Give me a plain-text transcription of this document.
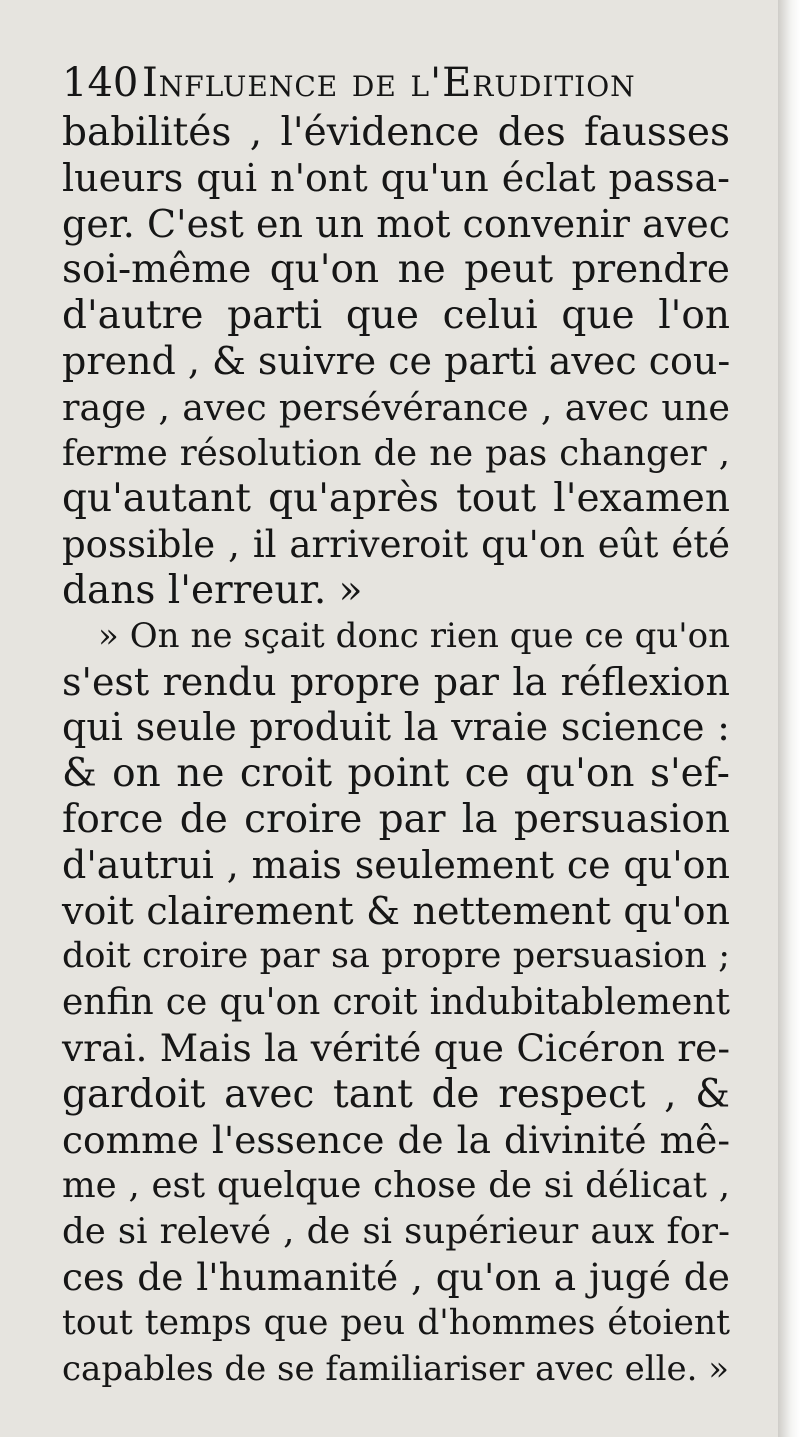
140 Influence de l'Erudition
babilités , l'évidence des fausses
lueurs qui n'ont qu'un éclat passa-
ger. C'est en un mot convenir avec
soi-même qu'on ne peut prendre
d'autre parti que celui que l'on
prend , & suivre ce parti avec cou-
rage , avec persévérance , avec une
ferme résolution de ne pas changer ,
qu'autant qu'après tout l'examen
possible , il arriveroit qu'on eût été
dans l'erreur. »
» On ne sçait donc rien que ce qu'on
s'est rendu propre par la réflexion
qui seule produit la vraie science :
& on ne croit point ce qu'on s'ef-
force de croire par la persuasion
d'autrui , mais seulement ce qu'on
voit clairement & nettement qu'on
doit croire par sa propre persuasion ;
enfin ce qu'on croit indubitablement
vrai. Mais la vérité que Cicéron re-
gardoit avec tant de respect , &
comme l'essence de la divinité mê-
me , est quelque chose de si délicat ,
de si relevé , de si supérieur aux for-
ces de l'humanité , qu'on a jugé de
tout temps que peu d'hommes étoient
capables de se familiariser avec elle. »
